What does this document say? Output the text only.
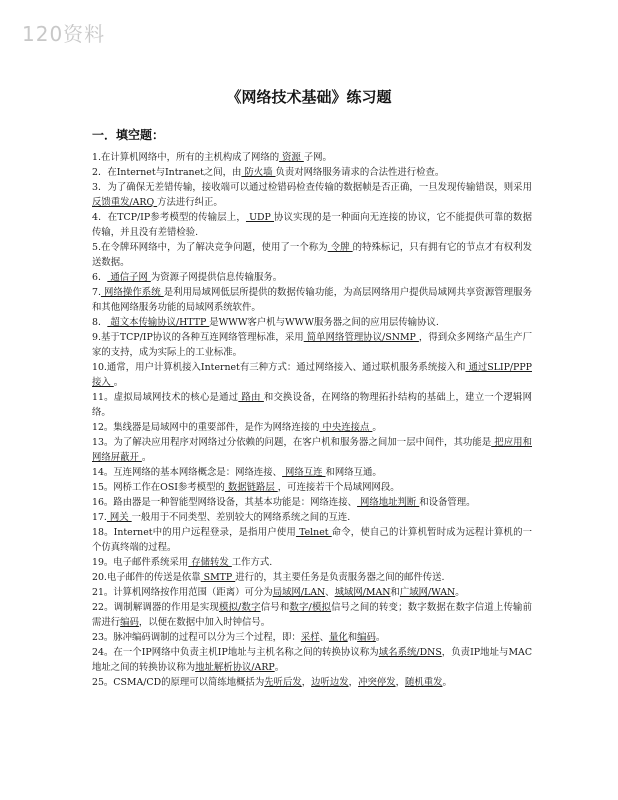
120资料
《网络技术基础》练习题
一．填空题：

1.在计算机网络中，所有的主机构成了网络的 资源 子网。

2．在Internet与Intranet之间，由 防火墙 负责对网络服务请求的合法性进行检查。

3．为了确保无差错传输，接收端可以通过检错码检查传输的数据帧是否正确，一旦发现传输错误，则采用 反馈重发/ARQ 方法进行纠正。

4．在TCP/IP参考模型的传输层上， UDP 协议实现的是一种面向无连接的协议，它不能提供可靠的数据传输，并且没有差错检验.

5.在令牌环网络中，为了解决竞争问题，使用了一个称为 令牌 的特殊标记，只有拥有它的节点才有权利发送数据。

6． 通信子网 为资源子网提供信息传输服务。

7. 网络操作系统 是利用局域网低层所提供的数据传输功能，为高层网络用户提供局域网共享资源管理服务和其他网络服务功能的局域网系统软件。

8． 超文本传输协议/HTTP 是WWW客户机与WWW服务器之间的应用层传输协议.

9.基于TCP/IP协议的各种互连网络管理标准，采用 简单网络管理协议/SNMP ，得到众多网络产品生产厂家的支持，成为实际上的工业标准。

10.通常，用户计算机接入Internet有三种方式：通过网络接入、通过联机服务系统接入和 通过SLIP/PPP接入 。

11。虚拟局域网技术的核心是通过 路由 和交换设备，在网络的物理拓扑结构的基础上，建立一个逻辑网络。

12。集线器是局域网中的重要部件，是作为网络连接的 中央连接点 。

13。为了解决应用程序对网络过分依赖的问题，在客户机和服务器之间加一层中间件，其功能是 把应用和网络屏蔽开 。

14。互连网络的基本网络概念是：网络连接、 网络互连 和网络互通。

15。网桥工作在OSI参考模型的 数据链路层 ，可连接若干个局域网网段。

16。路由器是一种智能型网络设备，其基本功能是：网络连接、 网络地址判断 和设备管理。

17. 网关 一般用于不同类型、差别较大的网络系统之间的互连.

18。Internet中的用户远程登录，是指用户使用 Telnet 命令，使自己的计算机暂时成为远程计算机的一个仿真终端的过程。

19。电子邮件系统采用 存储转发 工作方式.

20.电子邮件的传送是依靠 SMTP 进行的，其主要任务是负责服务器之间的邮件传送.

21。计算机网络按作用范围（距离）可分为局域网/LAN、城域网/MAN和广域网/WAN。

22。调制解调器的作用是实现模拟/数字信号和数字/模拟信号之间的转变；数字数据在数字信道上传输前需进行编码，以便在数据中加入时钟信号。

23。脉冲编码调制的过程可以分为三个过程，即：采样、量化和编码。

24。在一个IP网络中负责主机IP地址与主机名称之间的转换协议称为域名系统/DNS，负责IP地址与MAC地址之间的转换协议称为地址解析协议/ARP。

25。CSMA/CD的原理可以简练地概括为先听后发，边听边发，冲突停发，随机重发。
